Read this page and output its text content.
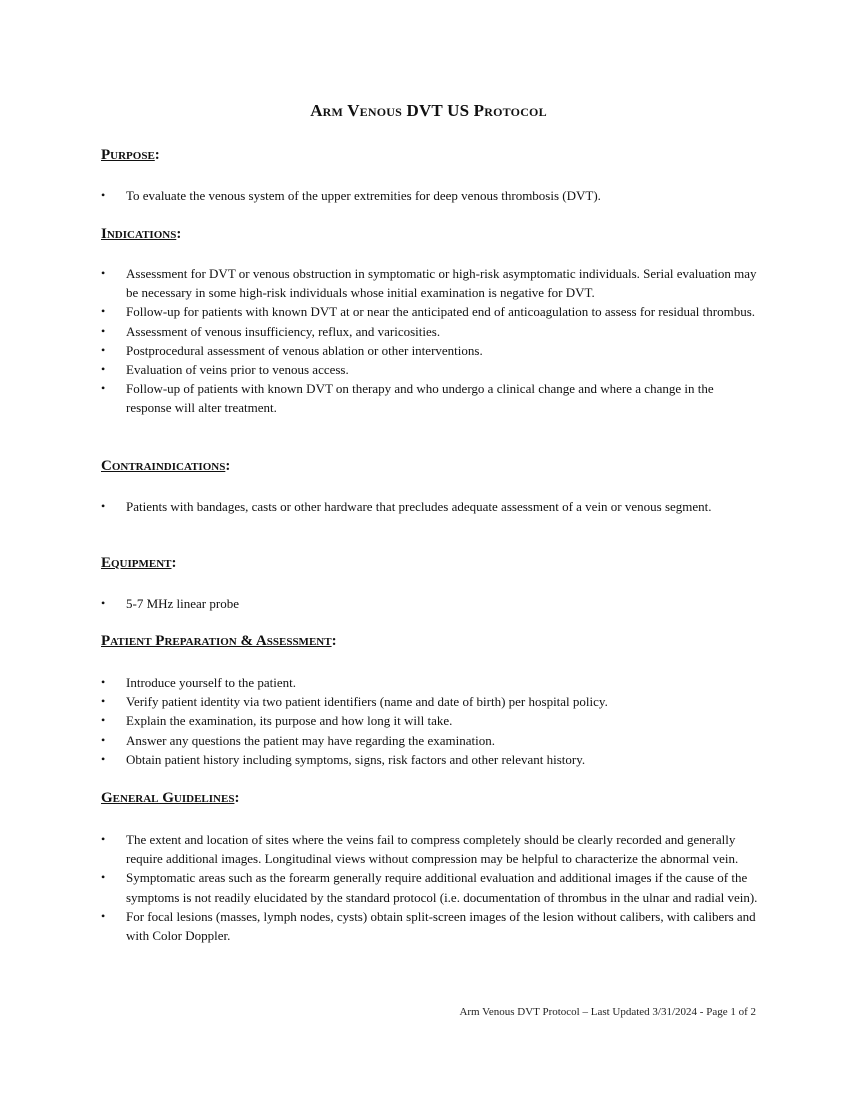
Arm Venous DVT US Protocol
Purpose:
• To evaluate the venous system of the upper extremities for deep venous thrombosis (DVT).
Indications:
• Assessment for DVT or venous obstruction in symptomatic or high-risk asymptomatic individuals. Serial evaluation may be necessary in some high-risk individuals whose initial examination is negative for DVT.
• Follow-up for patients with known DVT at or near the anticipated end of anticoagulation to assess for residual thrombus.
• Assessment of venous insufficiency, reflux, and varicosities.
• Postprocedural assessment of venous ablation or other interventions.
• Evaluation of veins prior to venous access.
• Follow-up of patients with known DVT on therapy and who undergo a clinical change and where a change in the response will alter treatment.
Contraindications:
• Patients with bandages, casts or other hardware that precludes adequate assessment of a vein or venous segment.
Equipment:
• 5-7 MHz linear probe
Patient Preparation & Assessment:
• Introduce yourself to the patient.
• Verify patient identity via two patient identifiers (name and date of birth) per hospital policy.
• Explain the examination, its purpose and how long it will take.
• Answer any questions the patient may have regarding the examination.
• Obtain patient history including symptoms, signs, risk factors and other relevant history.
General Guidelines:
• The extent and location of sites where the veins fail to compress completely should be clearly recorded and generally require additional images. Longitudinal views without compression may be helpful to characterize the abnormal vein.
• Symptomatic areas such as the forearm generally require additional evaluation and additional images if the cause of the symptoms is not readily elucidated by the standard protocol (i.e. documentation of thrombus in the ulnar and radial vein).
• For focal lesions (masses, lymph nodes, cysts) obtain split-screen images of the lesion without calibers, with calibers and with Color Doppler.
Arm Venous DVT Protocol – Last Updated 3/31/2024 - Page 1 of 2
